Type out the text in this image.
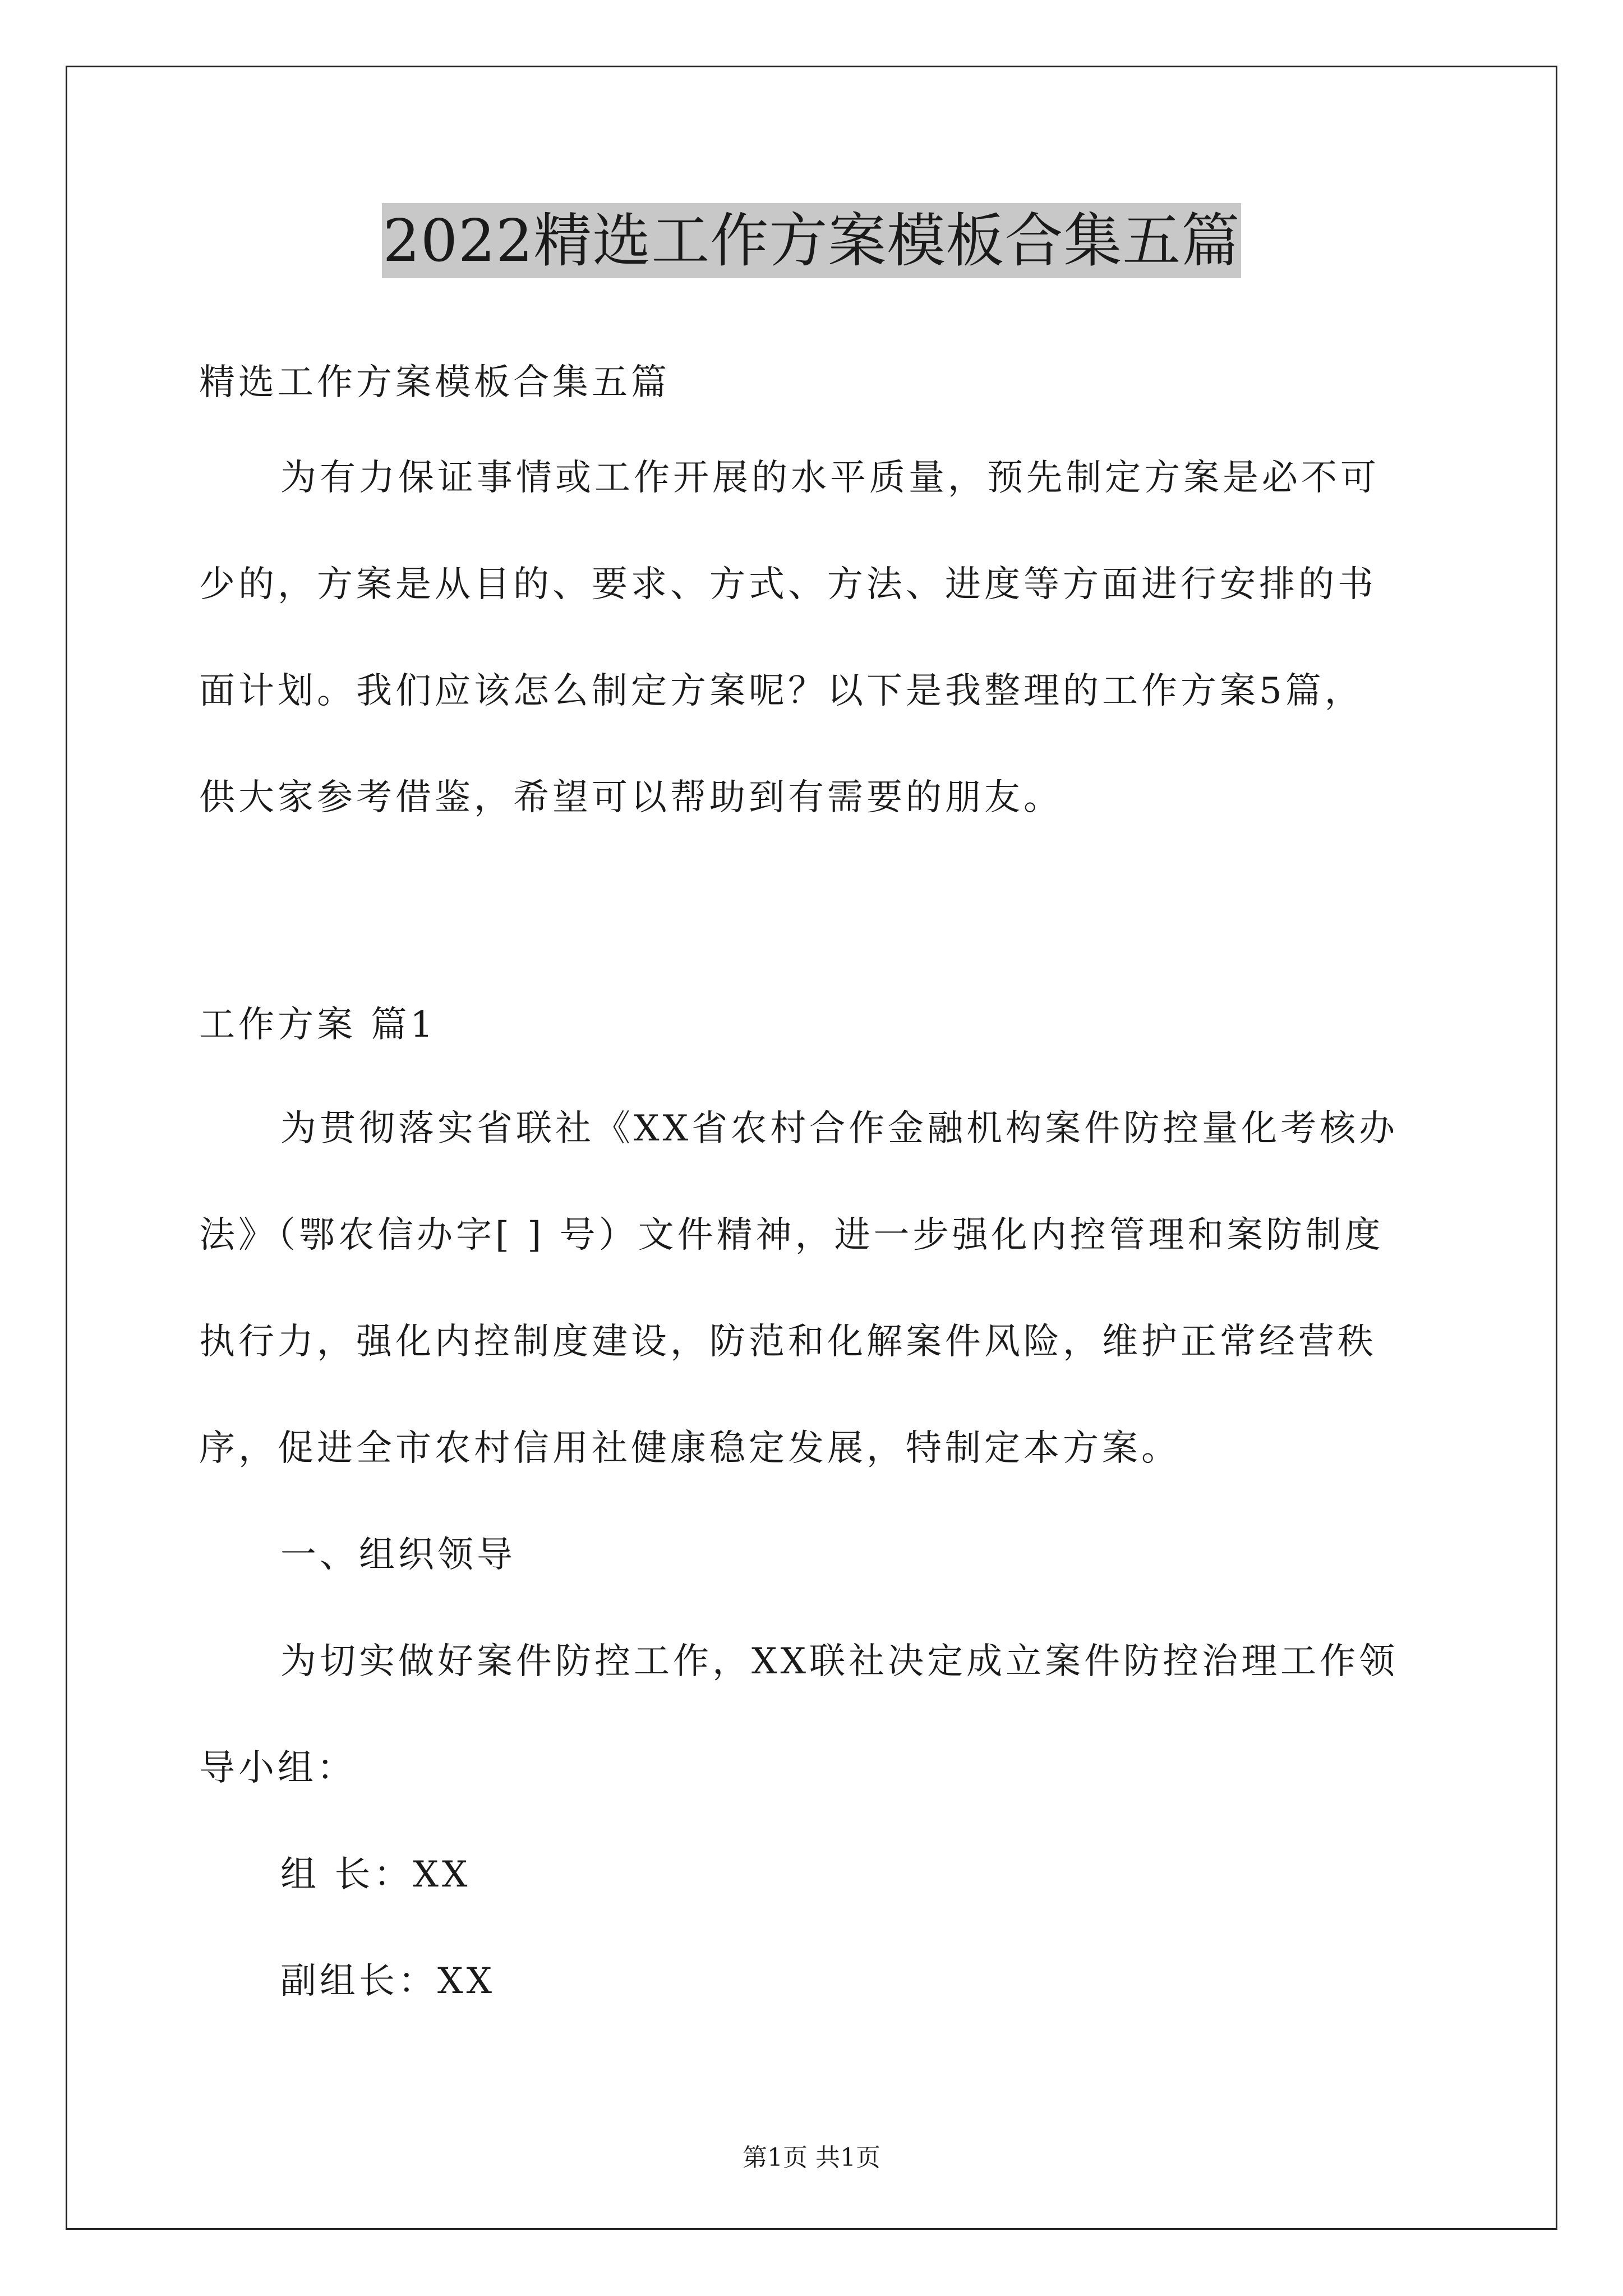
2022精选工作方案模板合集五篇
精选工作方案模板合集五篇
为有力保证事情或工作开展的水平质量，预先制定方案是必不可
少的，方案是从目的、要求、方式、方法、进度等方面进行安排的书
面计划。我们应该怎么制定方案呢？以下是我整理的工作方案5篇，
供大家参考借鉴，希望可以帮助到有需要的朋友。
工作方案 篇1
为贯彻落实省联社《XX省农村合作金融机构案件防控量化考核办
法》（鄂农信办字[ ] 号）文件精神，进一步强化内控管理和案防制度
执行力，强化内控制度建设，防范和化解案件风险，维护正常经营秩
序，促进全市农村信用社健康稳定发展，特制定本方案。
一、组织领导
为切实做好案件防控工作，XX联社决定成立案件防控治理工作领
导小组：
组 长：XX
副组长：XX
第1页 共1页
